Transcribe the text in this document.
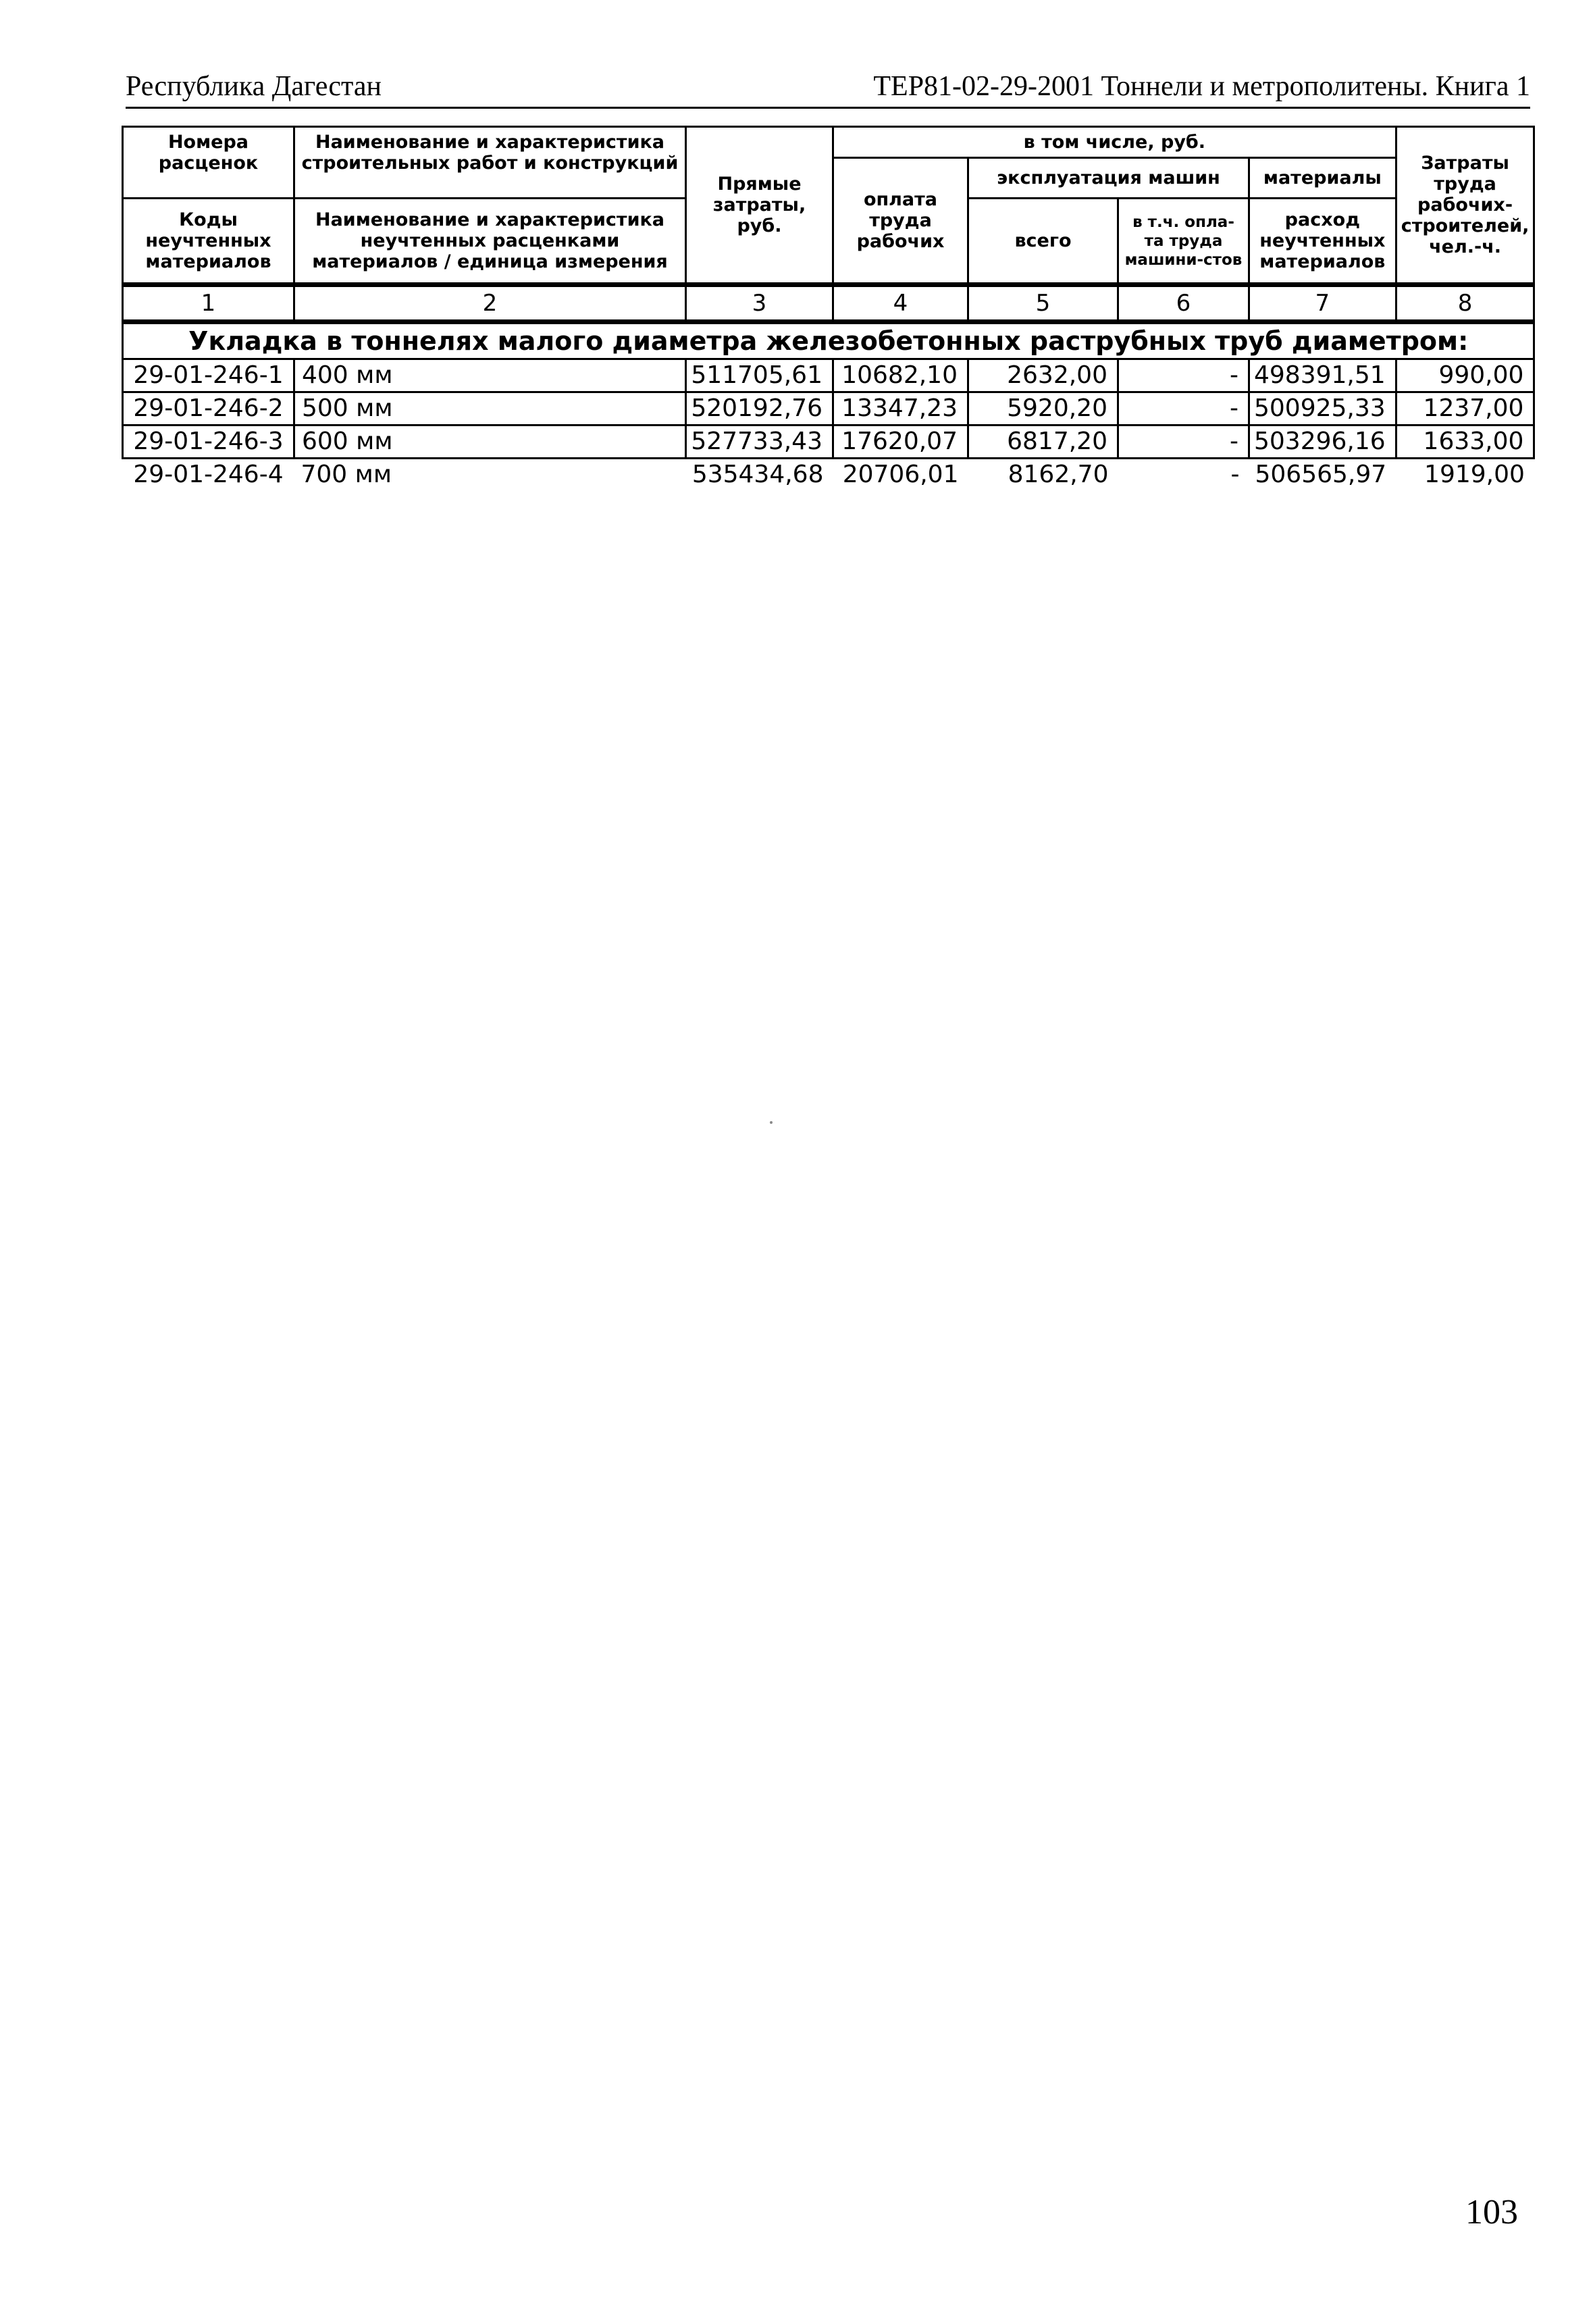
Республика Дагестан	ТЕР81-02-29-2001 Тоннели и метрополитены. Книга 1
Номера расценок	Наименование и характеристика строительных работ и конструкций	Прямые затраты, руб.	в том числе, руб.				Затраты труда рабочих-строителей, чел.-ч.
			оплата труда рабочих	эксплуатация машин		материалы	
Коды неучтенных материалов	Наименование и характеристика неучтенных расценками материалов / единица измерения			всего	в т.ч. опла-та труда машини-стов	расход неучтенных материалов	

1	2	3	4	5	6	7	8
Укладка в тоннелях малого диаметра железобетонных раструбных труб диаметром:							
29-01-246-1	400 мм	511705,61	10682,10	2632,00	-	498391,51	990,00
29-01-246-2	500 мм	520192,76	13347,23	5920,20	-	500925,33	1237,00
29-01-246-3	600 мм	527733,43	17620,07	6817,20	-	503296,16	1633,00
29-01-246-4	700 мм	535434,68	20706,01	8162,70	-	506565,97	1919,00
103
